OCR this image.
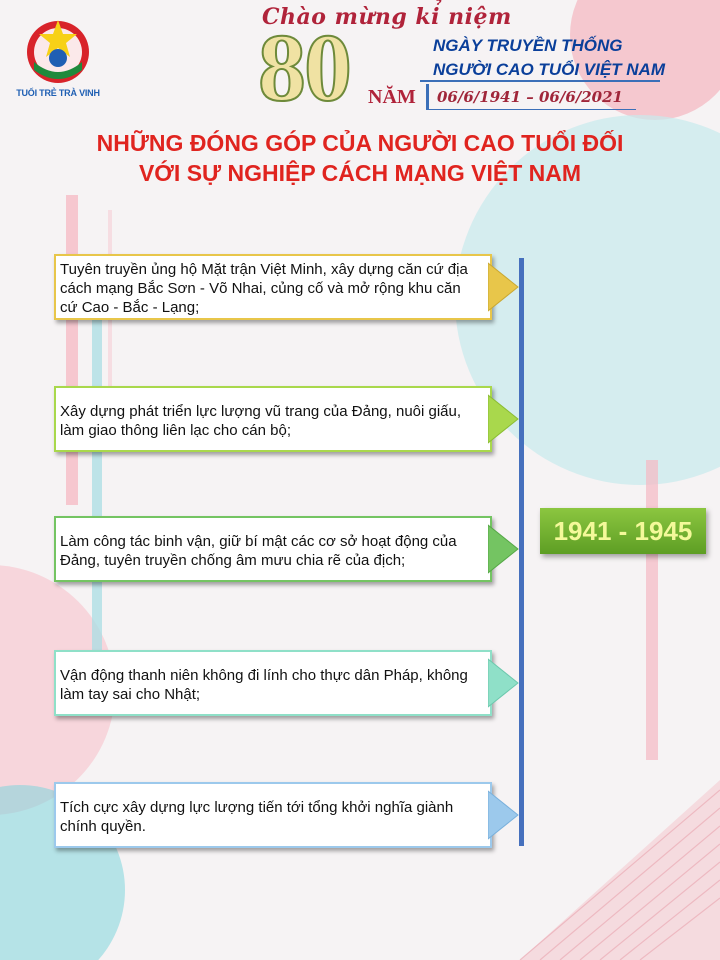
TUỔI TRẺ TRÀ VINH
Chào mừng kỉ niệm
80 NĂM
NGÀY TRUYỀN THỐNG
NGƯỜI CAO TUỔI VIỆT NAM
06/6/1941 – 06/6/2021
NHỮNG ĐÓNG GÓP CỦA NGƯỜI CAO TUỔI ĐỐI
VỚI SỰ NGHIỆP CÁCH MẠNG VIỆT NAM
1941 - 1945
Tuyên truyền ủng hộ Mặt trận Việt Minh, xây dựng căn cứ địa cách mạng Bắc Sơn - Võ Nhai, củng cố và mở rộng khu căn cứ Cao - Bắc - Lạng;
Xây dựng phát triển lực lượng vũ trang của Đảng, nuôi giấu, làm giao thông liên lạc cho cán bộ;
Làm công tác binh vận, giữ bí mật các cơ sở hoạt động của Đảng, tuyên truyền chống âm mưu chia rẽ của địch;
Vận động thanh niên không đi lính cho thực dân Pháp, không làm tay sai cho Nhật;
Tích cực xây dựng lực lượng tiến tới tổng khởi nghĩa giành chính quyền.
